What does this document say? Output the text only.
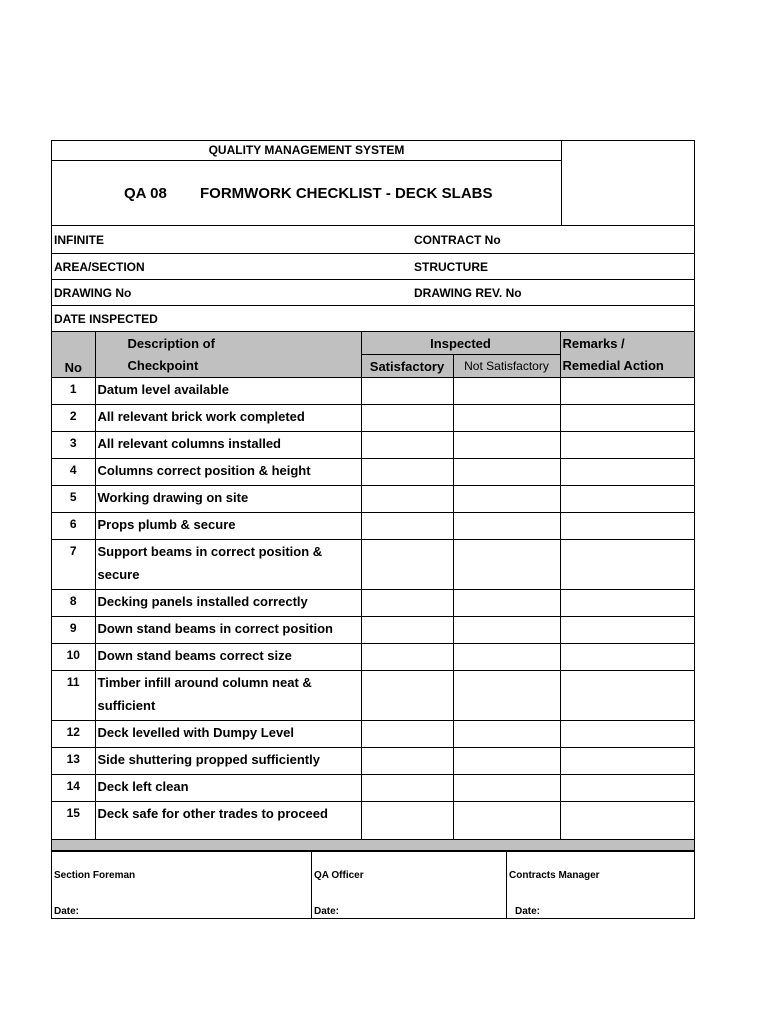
QUALITY MANAGEMENT SYSTEM
QA 08	FORMWORK CHECKLIST - DECK SLABS
INFINITE	CONTRACT No
AREA/SECTION	STRUCTURE
DRAWING No	DRAWING REV. No
DATE INSPECTED
No	Description of	Inspected		Remarks /
	Checkpoint	Satisfactory	Not Satisfactory	Remedial Action
1	Datum level available			
2	All relevant brick work completed			
3	All relevant columns installed			
4	Columns correct position & height			
5	Working drawing on site			
6	Props plumb & secure			
7	Support beams in correct position & secure			
8	Decking panels installed correctly			
9	Down stand beams in correct position			
10	Down stand beams correct size			
11	Timber infill around column neat & sufficient			
12	Deck levelled with Dumpy Level			
13	Side shuttering propped sufficiently			
14	Deck left clean			
15	Deck safe for other trades to proceed			

Section Foreman
Date:
QA Officer
Date:
Contracts Manager
Date:
